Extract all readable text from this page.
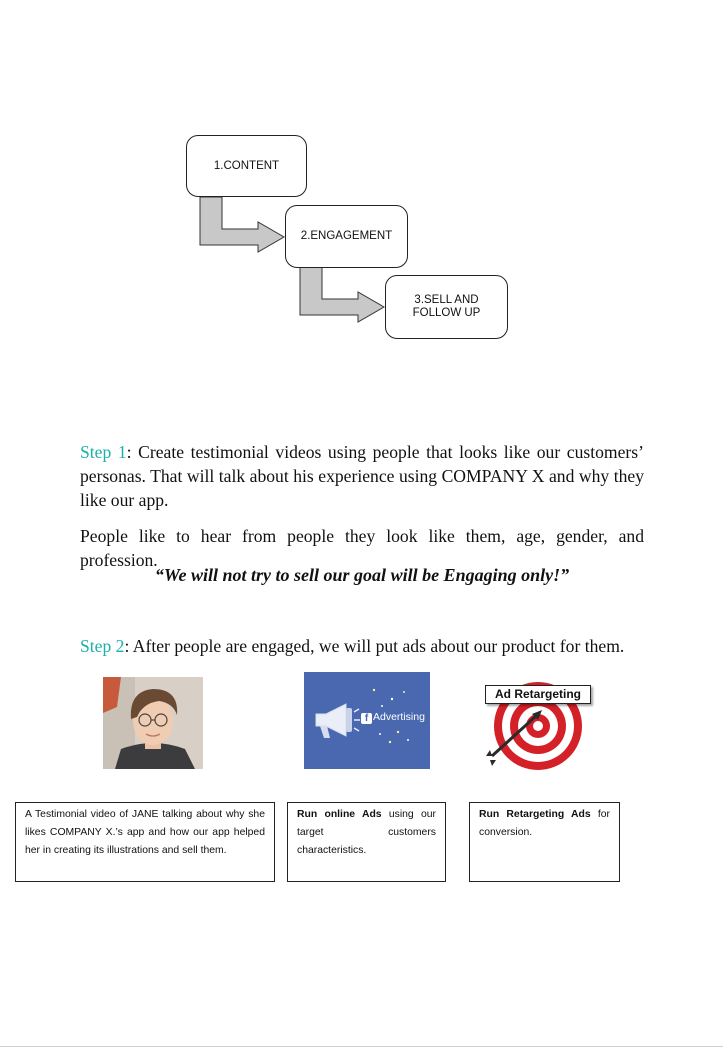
1.CONTENT
2.ENGAGEMENT
3.SELL AND
FOLLOW UP
Step 1: Create testimonial videos using people that looks like our customers’ personas. That will talk about his experience using COMPANY X and why they like our app.
People like to hear from people they look like them, age, gender, and profession.
“We will not try to sell our goal will be Engaging only!”
Step 2: After people are engaged, we will put ads about our product for them.
f Advertising
Ad Retargeting
A Testimonial video of JANE talking about why she likes COMPANY X.’s app and how our app helped her in creating its illustrations and sell them.
Run online Ads using our target customers characteristics.
Run Retargeting Ads for conversion.
